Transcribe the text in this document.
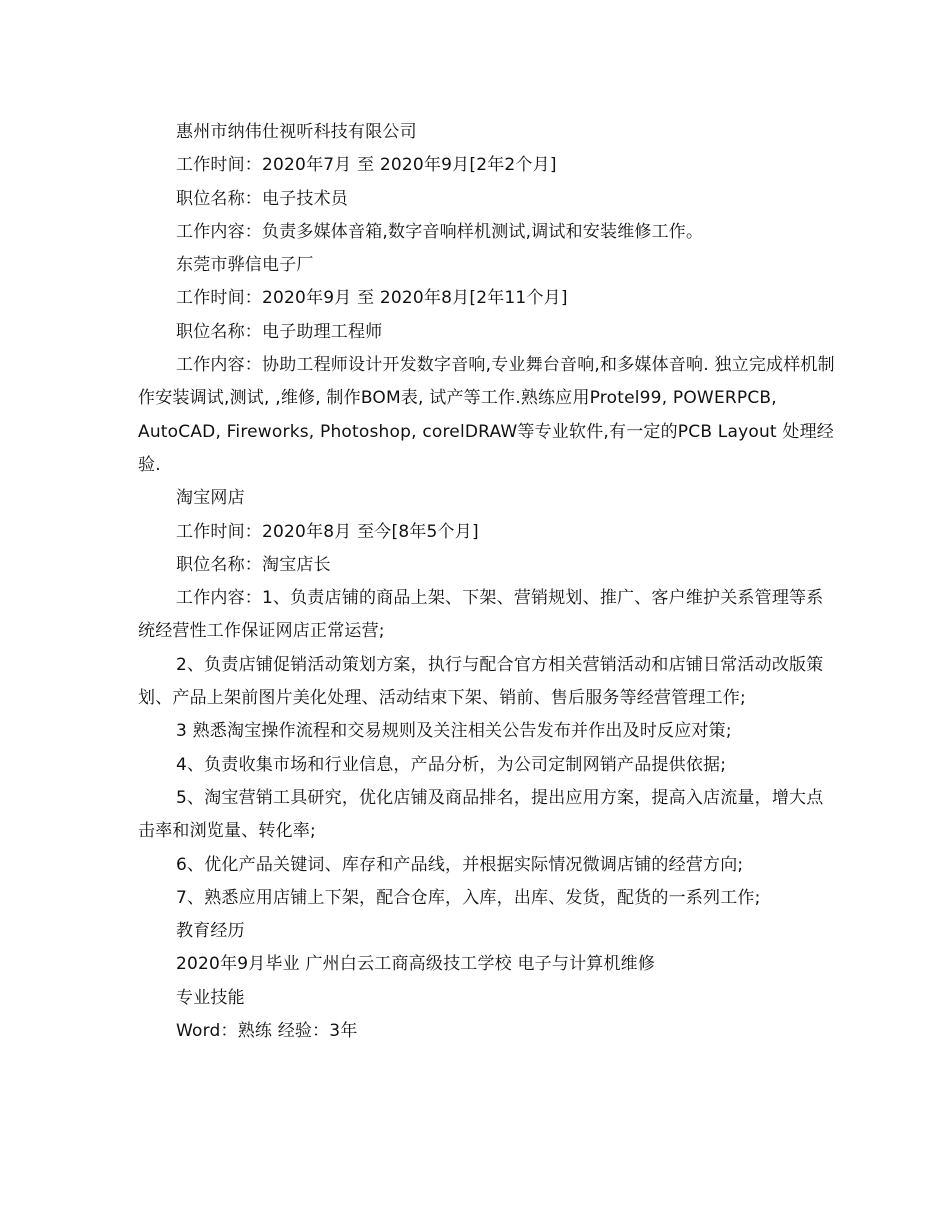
惠州市纳伟仕视听科技有限公司

工作时间：2020年7月 至 2020年9月[2年2个月]

职位名称：电子技术员

工作内容：负责多媒体音箱,数字音响样机测试,调试和安装维修工作。

东莞市骅信电子厂

工作时间：2020年9月 至 2020年8月[2年11个月]

职位名称：电子助理工程师

工作内容：协助工程师设计开发数字音响,专业舞台音响,和多媒体音响. 独立完成样机制作安装调试,测试, ,维修, 制作BOM表, 试产等工作.熟练应用Protel99, POWERPCB, AutoCAD, Fireworks, Photoshop, corelDRAW等专业软件,有一定的PCB Layout 处理经验.

淘宝网店

工作时间：2020年8月 至今[8年5个月]

职位名称：淘宝店长

工作内容：1、负责店铺的商品上架、下架、营销规划、推广、客户维护关系管理等系统经营性工作保证网店正常运营;

2、负责店铺促销活动策划方案，执行与配合官方相关营销活动和店铺日常活动改版策划、产品上架前图片美化处理、活动结束下架、销前、售后服务等经营管理工作;

3 熟悉淘宝操作流程和交易规则及关注相关公告发布并作出及时反应对策;

4、负责收集市场和行业信息，产品分析，为公司定制网销产品提供依据;

5、淘宝营销工具研究，优化店铺及商品排名，提出应用方案，提高入店流量，增大点击率和浏览量、转化率;

6、优化产品关键词、库存和产品线，并根据实际情况微调店铺的经营方向;

7、熟悉应用店铺上下架，配合仓库，入库，出库、发货，配货的一系列工作;

教育经历

2020年9月毕业 广州白云工商高级技工学校 电子与计算机维修

专业技能

Word：熟练 经验：3年
